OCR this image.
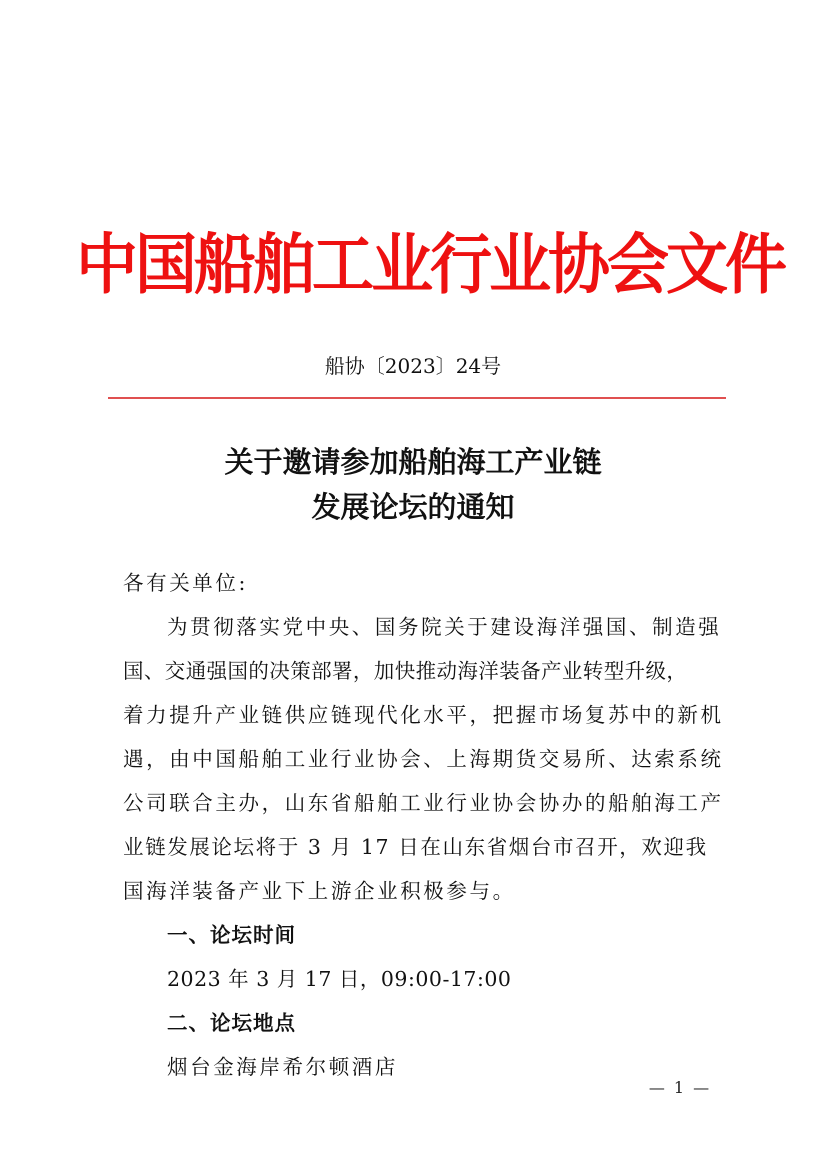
中国船舶工业行业协会文件
船协〔2023〕24号
关于邀请参加船舶海工产业链
发展论坛的通知
各有关单位:
为贯彻落实党中央、国务院关于建设海洋强国、制造强
国、交通强国的决策部署，加快推动海洋装备产业转型升级，
着力提升产业链供应链现代化水平，把握市场复苏中的新机
遇，由中国船舶工业行业协会、上海期货交易所、达索系统
公司联合主办，山东省船舶工业行业协会协办的船舶海工产
业链发展论坛将于 3 月 17 日在山东省烟台市召开，欢迎我
国海洋装备产业下上游企业积极参与。
一、论坛时间
2023 年 3 月 17 日，09:00-17:00
二、论坛地点
烟台金海岸希尔顿酒店
— 1 —
